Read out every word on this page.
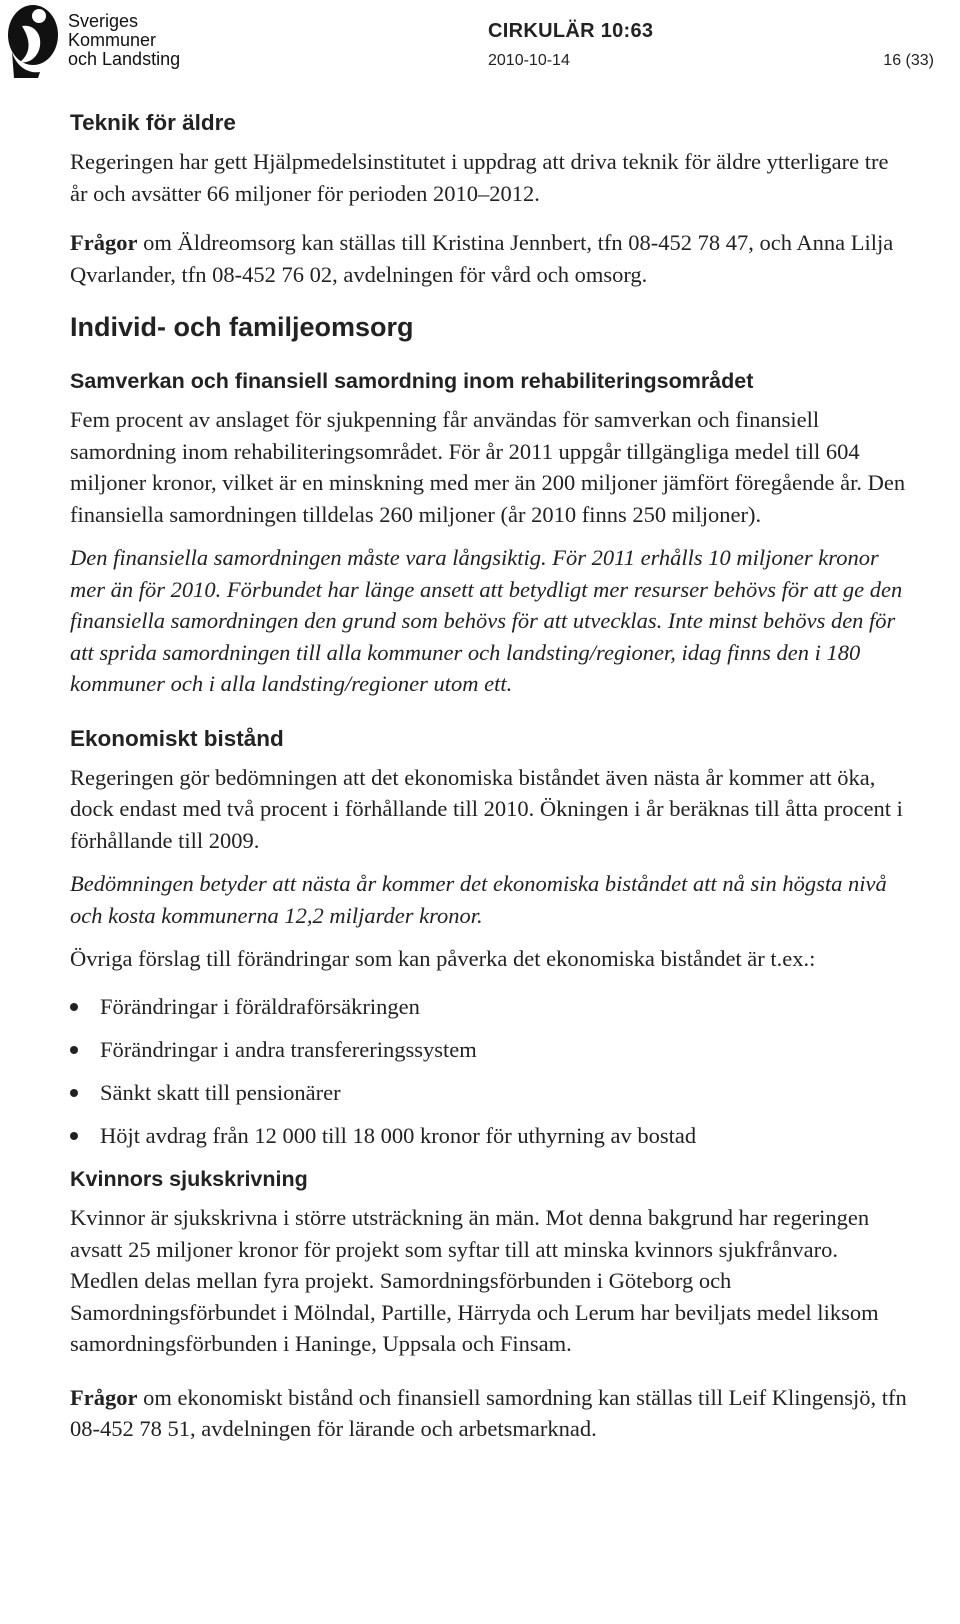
Sveriges
Kommuner
och Landsting
CIRKULÄR 10:63
2010-10-14	16 (33)
Teknik för äldre

Regeringen har gett Hjälpmedelsinstitutet i uppdrag att driva teknik för äldre ytterligare tre år och avsätter 66 miljoner för perioden 2010–2012.

Frågor om Äldreomsorg kan ställas till Kristina Jennbert, tfn 08-452 78 47, och Anna Lilja Qvarlander, tfn 08-452 76 02, avdelningen för vård och omsorg.

Individ- och familjeomsorg
Samverkan och finansiell samordning inom rehabiliteringsområdet

Fem procent av anslaget för sjukpenning får användas för samverkan och finansiell samordning inom rehabiliteringsområdet. För år 2011 uppgår tillgängliga medel till 604 miljoner kronor, vilket är en minskning med mer än 200 miljoner jämfört föregående år. Den finansiella samordningen tilldelas 260 miljoner (år 2010 finns 250 miljoner).

Den finansiella samordningen måste vara långsiktig. För 2011 erhålls 10 miljoner kronor mer än för 2010. Förbundet har länge ansett att betydligt mer resurser behövs för att ge den finansiella samordningen den grund som behövs för att utvecklas. Inte minst behövs den för att sprida samordningen till alla kommuner och landsting/regioner, idag finns den i 180 kommuner och i alla landsting/regioner utom ett.

Ekonomiskt bistånd

Regeringen gör bedömningen att det ekonomiska biståndet även nästa år kommer att öka, dock endast med två procent i förhållande till 2010. Ökningen i år beräknas till åtta procent i förhållande till 2009.

Bedömningen betyder att nästa år kommer det ekonomiska biståndet att nå sin högsta nivå och kosta kommunerna 12,2 miljarder kronor.

Övriga förslag till förändringar som kan påverka det ekonomiska biståndet är t.ex.:

Förändringar i föräldraförsäkringen
Förändringar i andra transfereringssystem
Sänkt skatt till pensionärer
Höjt avdrag från 12 000 till 18 000 kronor för uthyrning av bostad
Kvinnors sjukskrivning

Kvinnor är sjukskrivna i större utsträckning än män. Mot denna bakgrund har regeringen avsatt 25 miljoner kronor för projekt som syftar till att minska kvinnors sjukfrånvaro. Medlen delas mellan fyra projekt. Samordningsförbunden i Göteborg och Samordningsförbundet i Mölndal, Partille, Härryda och Lerum har beviljats medel liksom samordningsförbunden i Haninge, Uppsala och Finsam.

Frågor om ekonomiskt bistånd och finansiell samordning kan ställas till Leif Klingensjö, tfn 08-452 78 51, avdelningen för lärande och arbetsmarknad.
